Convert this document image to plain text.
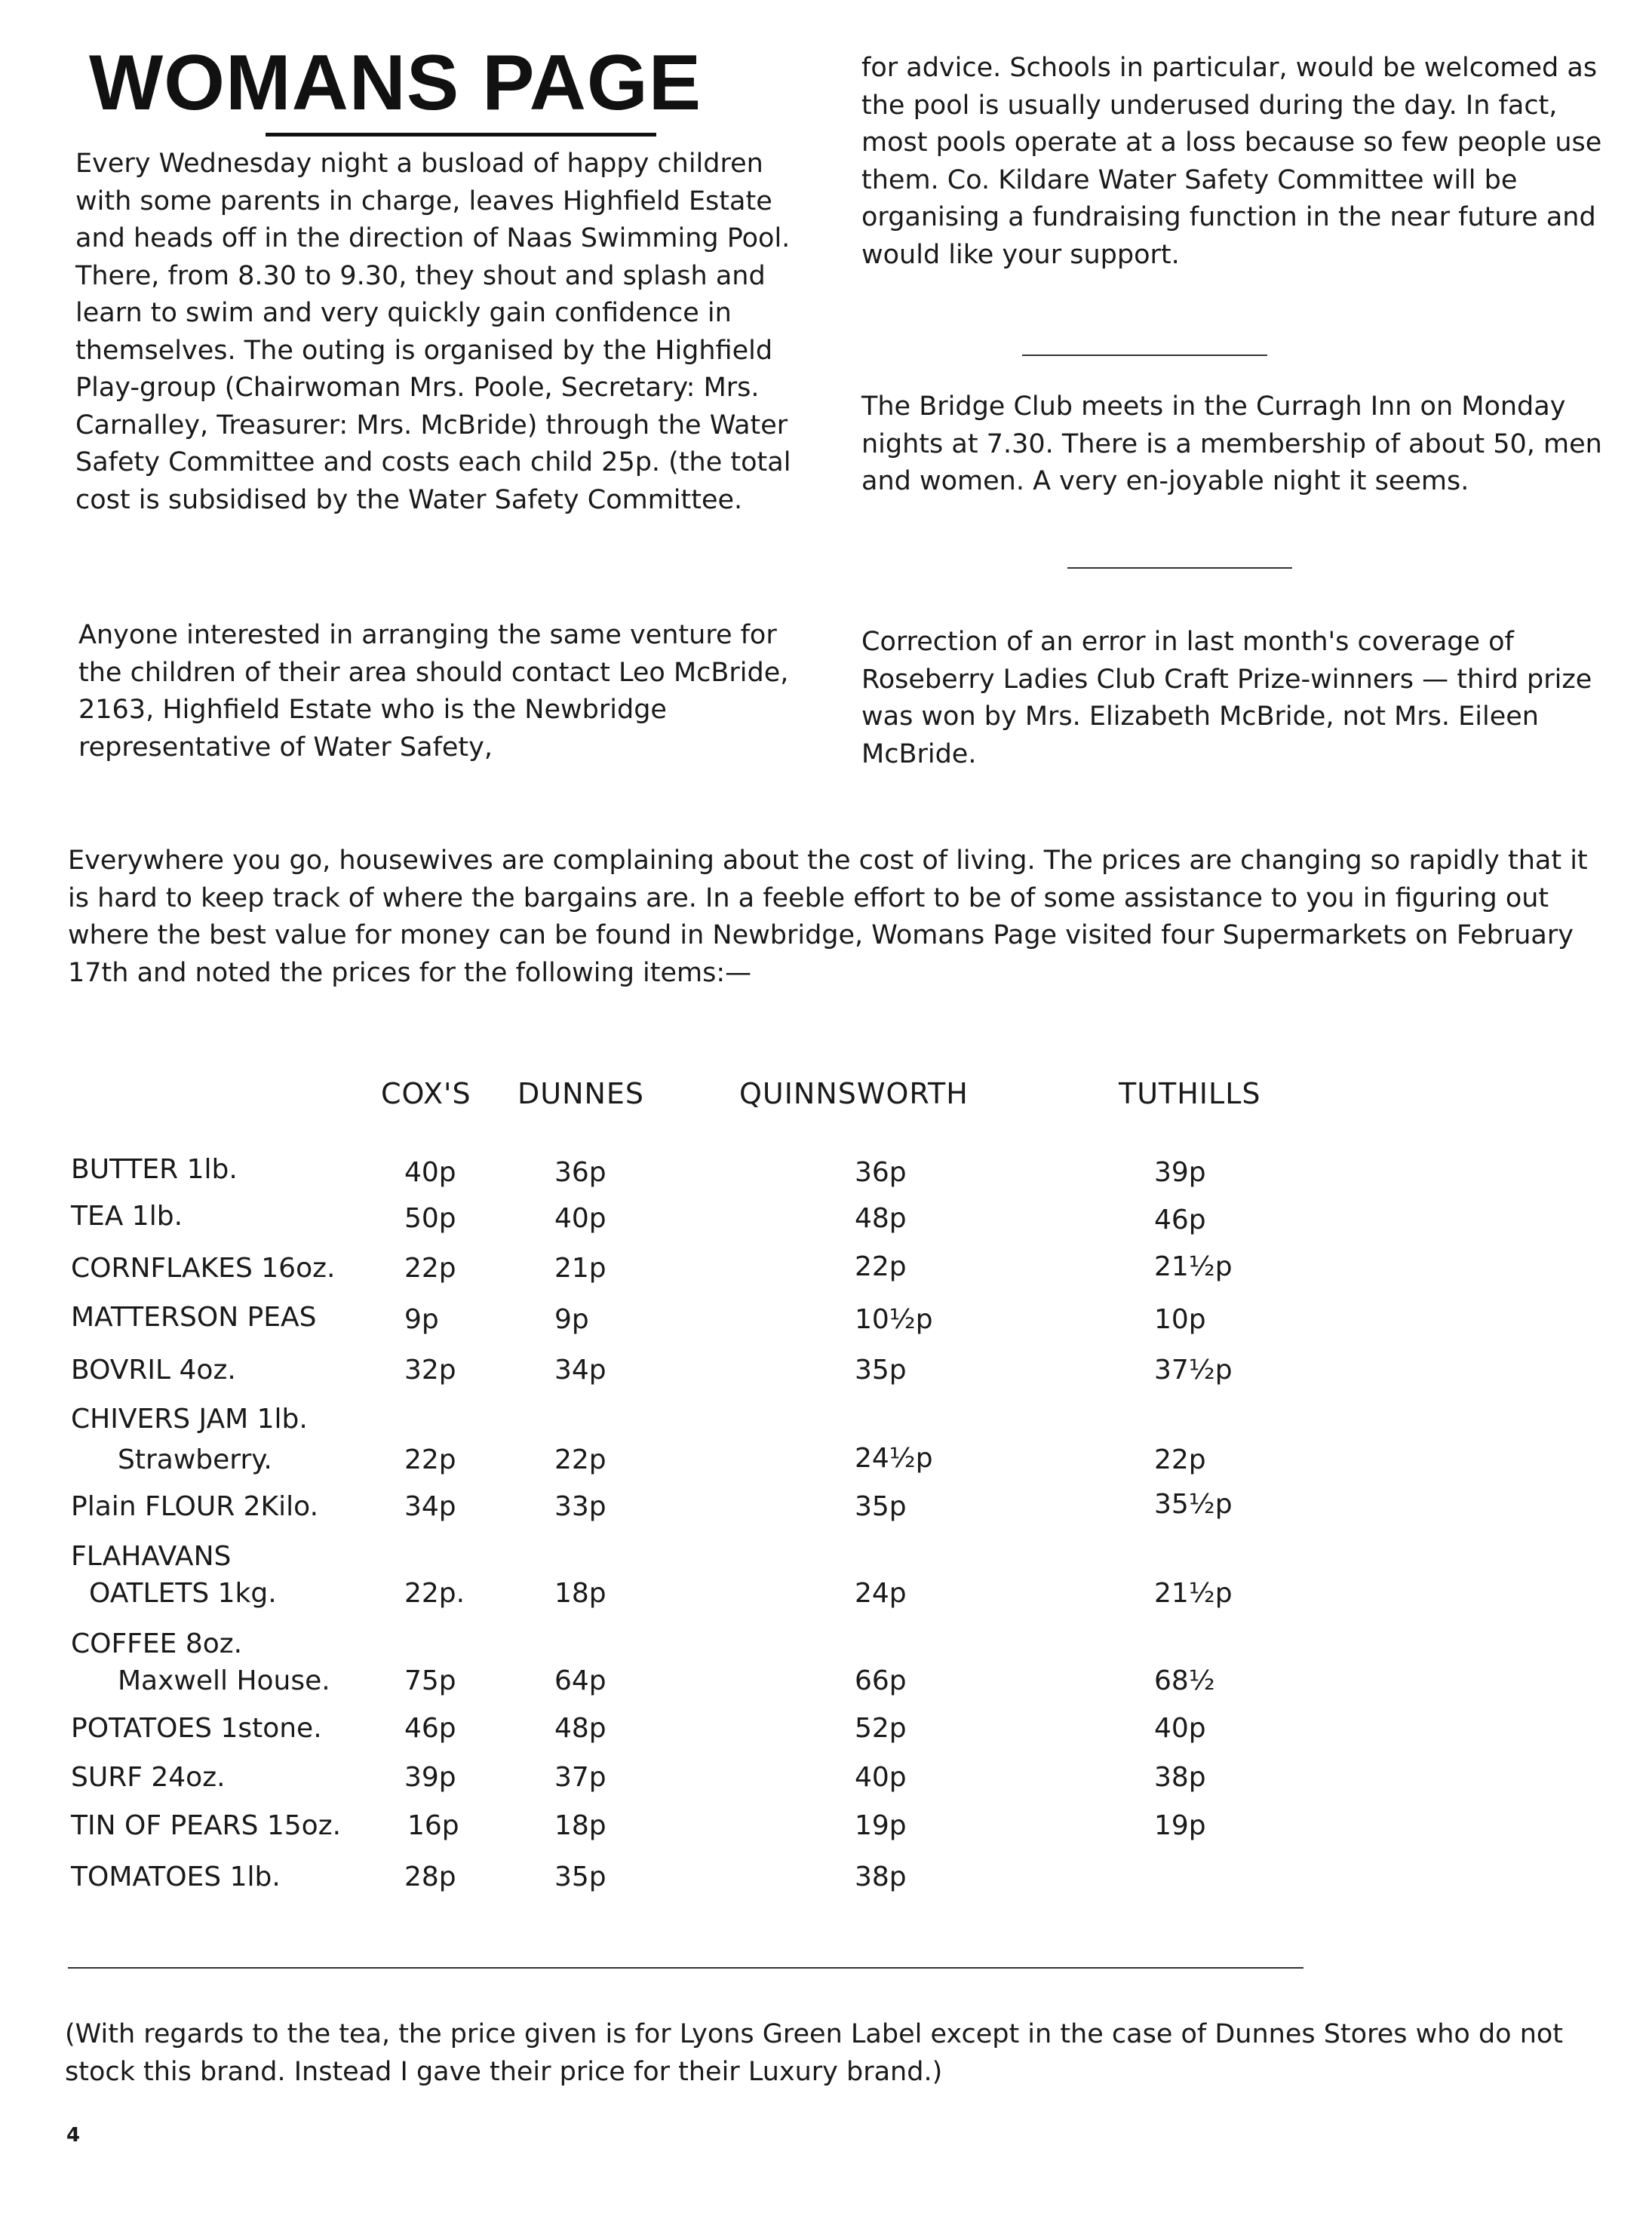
WOMANS PAGE

Every Wednesday night a busload of happy children with some parents in charge, leaves Highfield Estate and heads off in the direction of Naas Swimming Pool. There, from 8.30 to 9.30, they shout and splash and learn to swim and very quickly gain confidence in themselves. The outing is organised by the Highfield Play-group (Chairwoman Mrs. Poole, Secretary: Mrs. Carnalley, Treasurer: Mrs. McBride) through the Water Safety Committee and costs each child 25p. (the total cost is subsidised by the Water Safety Committee.

Anyone interested in arranging the same venture for the children of their area should contact Leo McBride, 2163, Highfield Estate who is the Newbridge representative of Water Safety,

for advice. Schools in particular, would be welcomed as the pool is usually underused during the day. In fact, most pools operate at a loss because so few people use them. Co. Kildare Water Safety Committee will be organising a fundraising function in the near future and would like your support.

The Bridge Club meets in the Curragh Inn on Monday nights at 7.30. There is a membership of about 50, men and women. A very en-joyable night it seems.

Correction of an error in last month's coverage of Roseberry Ladies Club Craft Prize-winners — third prize was won by Mrs. Elizabeth McBride, not Mrs. Eileen McBride.

Everywhere you go, housewives are complaining about the cost of living. The prices are changing so rapidly that it is hard to keep track of where the bargains are. In a feeble effort to be of some assistance to you in figuring out where the best value for money can be found in Newbridge, Womans Page visited four Supermarkets on February 17th and noted the prices for the following items:—

COX'S DUNNES	QUINNSWORTH	TUTHILLS
BUTTER 1lb.	40p	36p	36p	39p
TEA 1lb.	50p	40p	48p	46p
CORNFLAKES 16oz.	22p	21p	22p	21½p
MATTERSON PEAS	9p	9p	10½p	10p
BOVRIL 4oz.	32p	34p	35p	37½p
CHIVERS JAM 1lb.
Strawberry.	22p	22p	24½p	22p
Plain FLOUR 2Kilo.	34p	33p	35p	35½p
FLAHAVANS
OATLETS 1kg.	22p.	18p	24p	21½p
COFFEE 8oz.
Maxwell House.	75p	64p	66p	68½
POTATOES 1stone.	46p	48p	52p	40p
SURF 24oz.	39p	37p	40p	38p
TIN OF PEARS 15oz. 16p	18p	19p	19p
TOMATOES 1lb.	28p	35p	38p

(With regards to the tea, the price given is for Lyons Green Label except in the case of Dunnes Stores who do not stock this brand. Instead I gave their price for their Luxury brand.)

4
